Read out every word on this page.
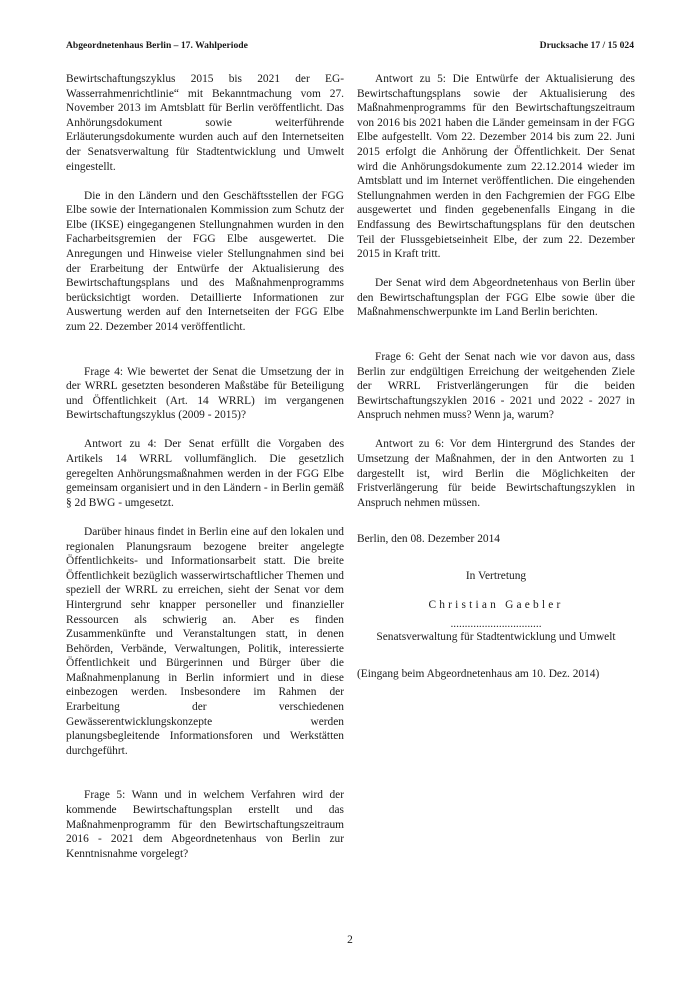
Abgeordnetenhaus Berlin – 17. Wahlperiode	Drucksache 17 / 15 024

Bewirtschaftungszyklus 2015 bis 2021 der EG-Wasserrahmenrichtlinie“ mit Bekanntmachung vom 27. November 2013 im Amtsblatt für Berlin veröffentlicht. Das Anhörungsdokument sowie weiterführende Erläuterungsdokumente wurden auch auf den Internetseiten der Senatsverwaltung für Stadtentwicklung und Umwelt eingestellt.

Die in den Ländern und den Geschäftsstellen der FGG Elbe sowie der Internationalen Kommission zum Schutz der Elbe (IKSE) eingegangenen Stellungnahmen wurden in den Facharbeitsgremien der FGG Elbe ausgewertet. Die Anregungen und Hinweise vieler Stellungnahmen sind bei der Erarbeitung der Entwürfe der Aktualisierung des Bewirtschaftungsplans und des Maßnahmenprogramms berücksichtigt worden. Detaillierte Informationen zur Auswertung werden auf den Internetseiten der FGG Elbe zum 22. Dezember 2014 veröffentlicht.

Frage 4: Wie bewertet der Senat die Umsetzung der in der WRRL gesetzten besonderen Maßstäbe für Beteiligung und Öffentlichkeit (Art. 14 WRRL) im vergangenen Bewirtschaftungszyklus (2009 - 2015)?

Antwort zu 4: Der Senat erfüllt die Vorgaben des Artikels 14 WRRL vollumfänglich. Die gesetzlich geregelten Anhörungsmaßnahmen werden in der FGG Elbe gemeinsam organisiert und in den Ländern - in Berlin gemäß § 2d BWG - umgesetzt.

Darüber hinaus findet in Berlin eine auf den lokalen und regionalen Planungsraum bezogene breiter angelegte Öffentlichkeits- und Informationsarbeit statt. Die breite Öffentlichkeit bezüglich wasserwirtschaftlicher Themen und speziell der WRRL zu erreichen, sieht der Senat vor dem Hintergrund sehr knapper personeller und finanzieller Ressourcen als schwierig an. Aber es finden Zusammenkünfte und Veranstaltungen statt, in denen Behörden, Verbände, Verwaltungen, Politik, interessierte Öffentlichkeit und Bürgerinnen und Bürger über die Maßnahmenplanung in Berlin informiert und in diese einbezogen werden. Insbesondere im Rahmen der Erarbeitung der verschiedenen Gewässerentwicklungskonzepte werden planungsbegleitende Informationsforen und Werkstätten durchgeführt.

Frage 5: Wann und in welchem Verfahren wird der kommende Bewirtschaftungsplan erstellt und das Maßnahmenprogramm für den Bewirtschaftungszeitraum 2016 - 2021 dem Abgeordnetenhaus von Berlin zur Kenntnisnahme vorgelegt?

Antwort zu 5: Die Entwürfe der Aktualisierung des Bewirtschaftungsplans sowie der Aktualisierung des Maßnahmenprogramms für den Bewirtschaftungszeitraum von 2016 bis 2021 haben die Länder gemeinsam in der FGG Elbe aufgestellt. Vom 22. Dezember 2014 bis zum 22. Juni 2015 erfolgt die Anhörung der Öffentlichkeit. Der Senat wird die Anhörungsdokumente zum 22.12.2014 wieder im Amtsblatt und im Internet veröffentlichen. Die eingehenden Stellungnahmen werden in den Fachgremien der FGG Elbe ausgewertet und finden gegebenenfalls Eingang in die Endfassung des Bewirtschaftungsplans für den deutschen Teil der Flussgebietseinheit Elbe, der zum 22. Dezember 2015 in Kraft tritt.

Der Senat wird dem Abgeordnetenhaus von Berlin über den Bewirtschaftungsplan der FGG Elbe sowie über die Maßnahmenschwerpunkte im Land Berlin berichten.

Frage 6: Geht der Senat nach wie vor davon aus, dass Berlin zur endgültigen Erreichung der weitgehenden Ziele der WRRL Fristverlängerungen für die beiden Bewirtschaftungszyklen 2016 - 2021 und 2022 - 2027 in Anspruch nehmen muss? Wenn ja, warum?

Antwort zu 6: Vor dem Hintergrund des Standes der Umsetzung der Maßnahmen, der in den Antworten zu 1 dargestellt ist, wird Berlin die Möglichkeiten der Fristverlängerung für beide Bewirtschaftungszyklen in Anspruch nehmen müssen.

Berlin, den 08. Dezember 2014

In Vertretung

Christian Gaebler

................................

Senatsverwaltung für Stadtentwicklung und Umwelt

(Eingang beim Abgeordnetenhaus am 10. Dez. 2014)

2
